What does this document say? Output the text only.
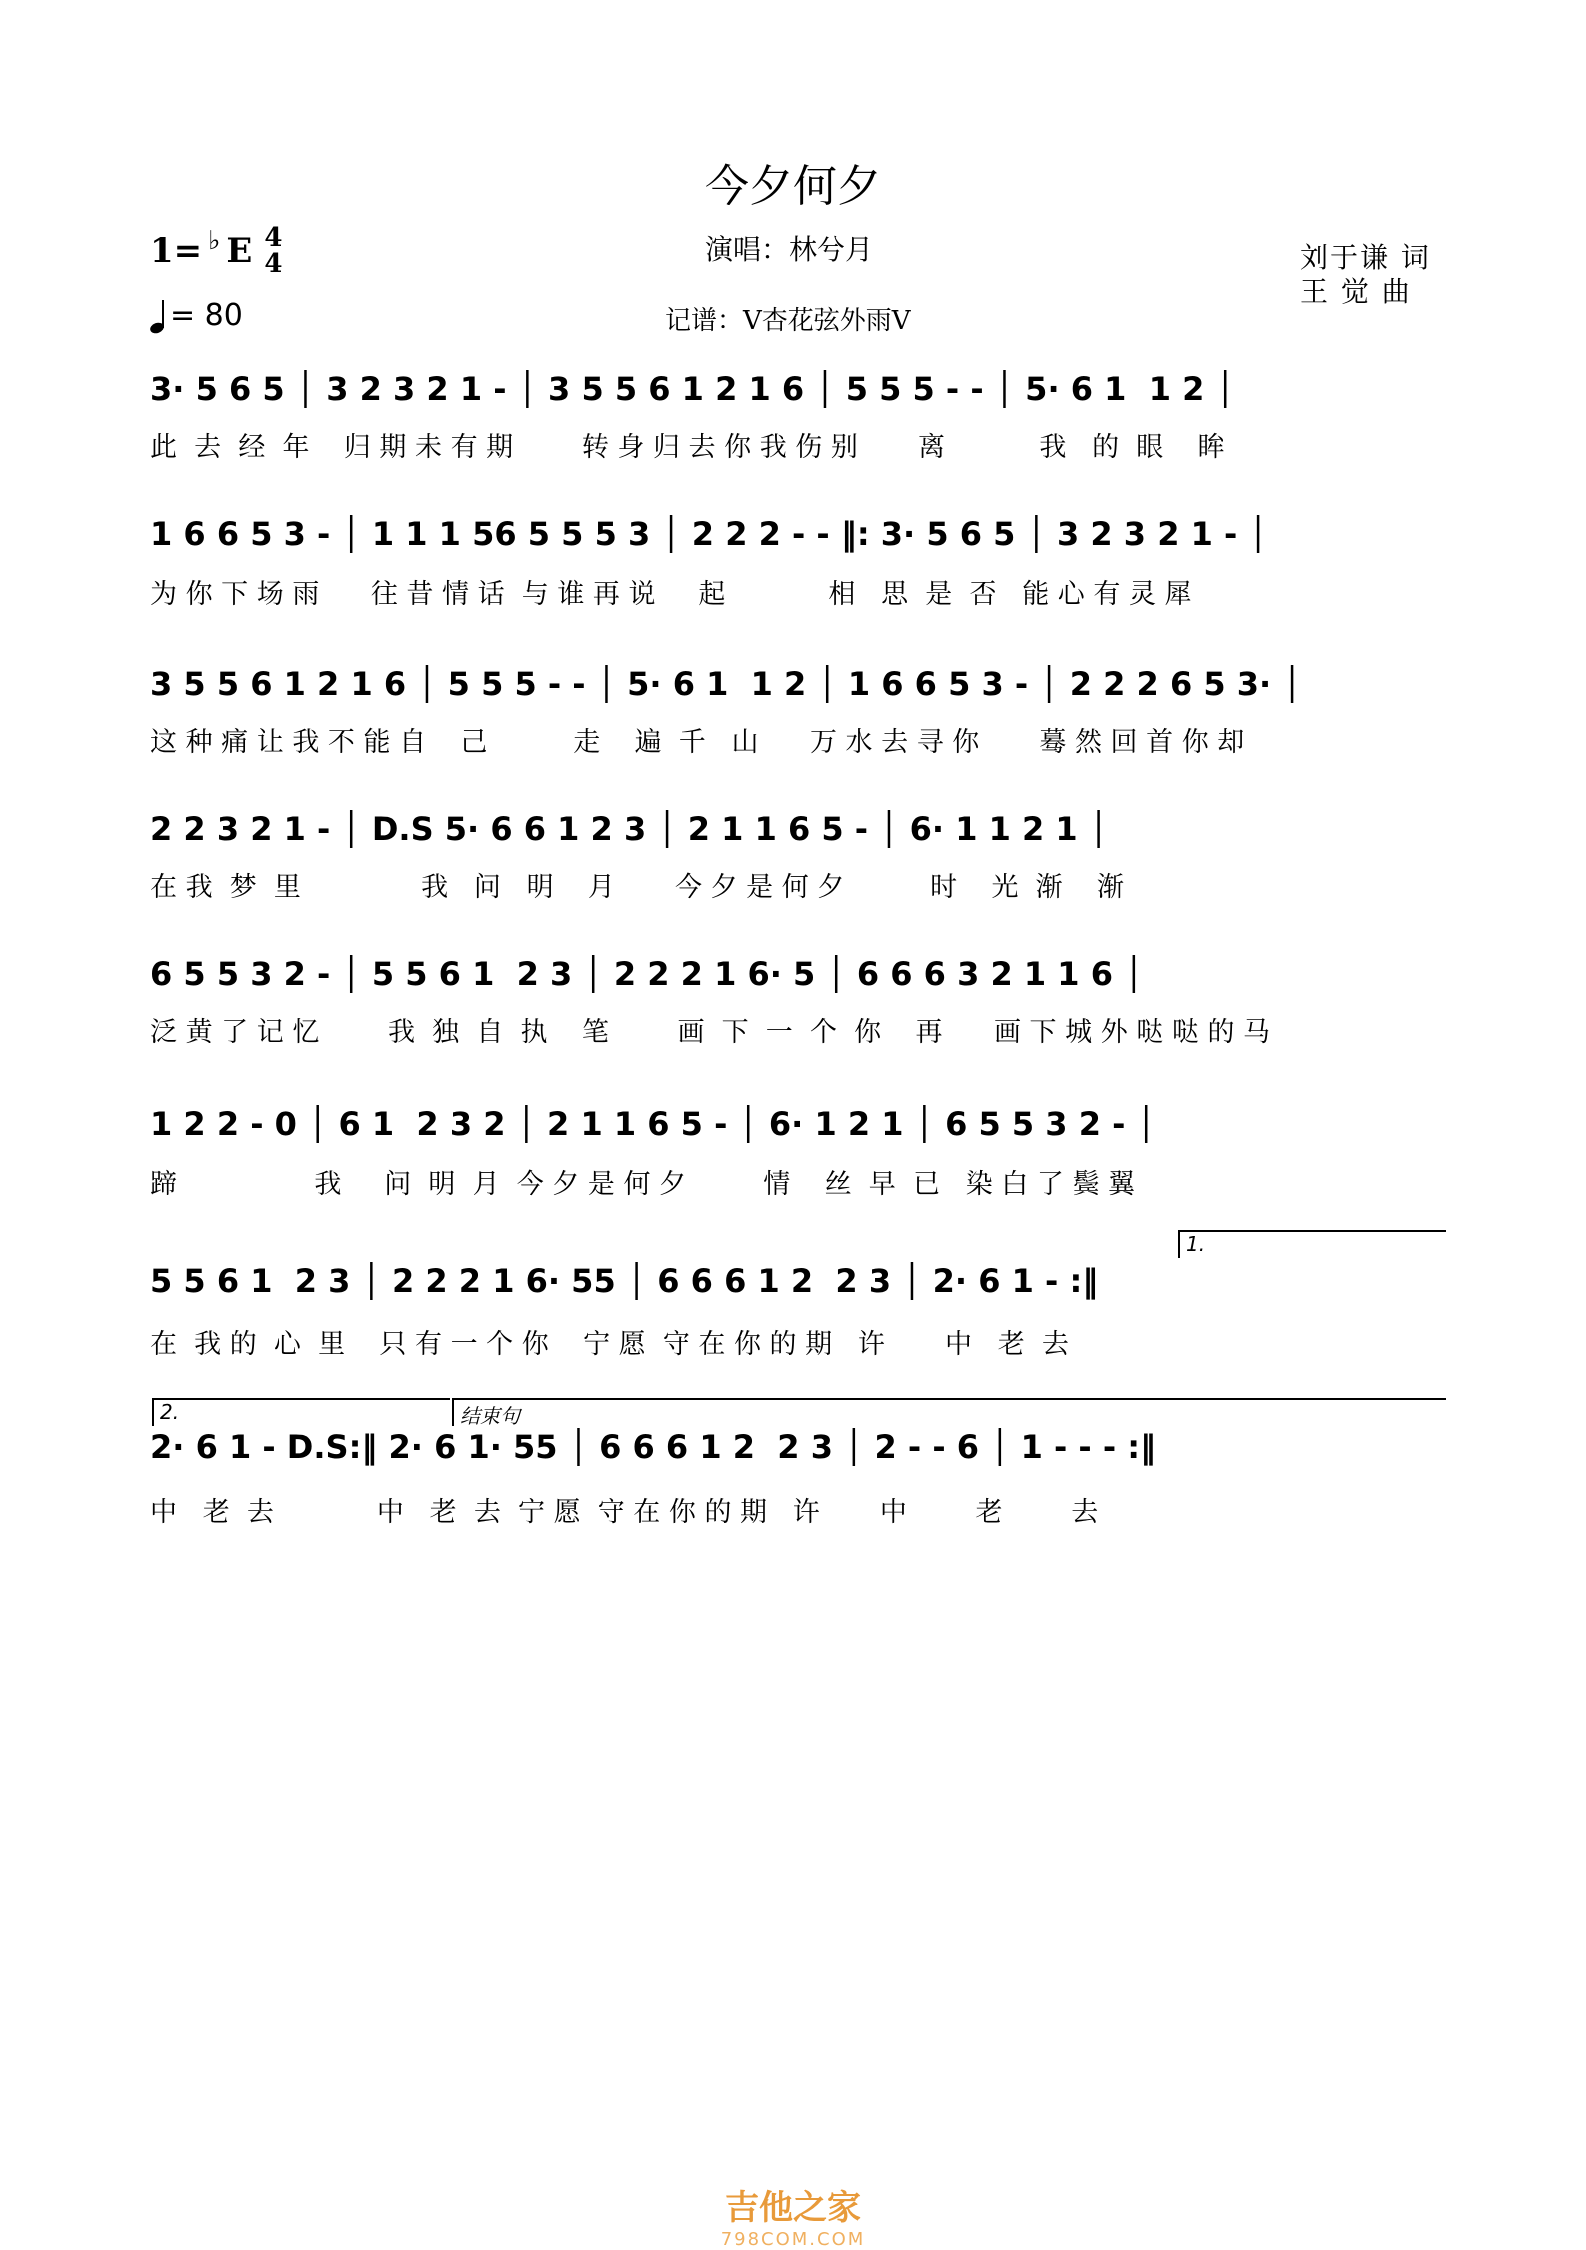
今夕何夕
1= ♭ E 4
4
= 80
演唱：林兮月
记谱：V杏花弦外雨V
刘于谦 词
王 觉 曲
3· 5 6 5 │ 3 2 3 2 1 - │ 3 5 5 6 1 2 1 6 │ 5 5 5 - - │ 5· 6 1  1 2 │
此  去  经  年    归 期 未 有 期        转 身 归 去 你 我 伤 别       离           我   的  眼    眸
1 6 6 5 3 - │ 1 1 1 56 5 5 5 3 │ 2 2 2 - - ‖: 3· 5 6 5 │ 3 2 3 2 1 - │
为 你 下 场 雨      往 昔 情 话  与 谁 再 说     起            相   思  是  否   能 心 有 灵 犀
3 5 5 6 1 2 1 6 │ 5 5 5 - - │ 5· 6 1  1 2 │ 1 6 6 5 3 - │ 2 2 2 6 5 3· │
这 种 痛 让 我 不 能 自    己          走    遍  千   山      万 水 去 寻 你       蓦 然 回 首 你 却
2 2 3 2 1 - │ D.S 5· 6 6 1 2 3 │ 2 1 1 6 5 - │ 6· 1 1 2 1 │
在 我  梦  里              我   问   明    月       今 夕 是 何 夕          时    光  渐    渐
6 5 5 3 2 - │ 5 5 6 1  2 3 │ 2 2 2 1 6· 5 │ 6 6 6 3 2 1 1 6 │
泛 黄 了 记 忆        我  独  自  执    笔        画  下  一  个  你    再      画 下 城 外 哒 哒 的 马
1 2 2 - 0 │ 6 1  2 3 2 │ 2 1 1 6 5 - │ 6· 1 2 1 │ 6 5 5 3 2 - │
蹄                我     问  明  月  今 夕 是 何 夕         情    丝  早  已   染 白 了 鬓 翼
1.
5 5 6 1  2 3 │ 2 2 2 1 6· 55 │ 6 6 6 1 2  2 3 │ 2· 6 1 - :‖
在  我 的  心  里    只 有 一 个 你    宁 愿  守 在 你 的 期   许       中   老  去
2.	结束句
2· 6 1 - D.S:‖ 2· 6 1· 55 │ 6 6 6 1 2  2 3 │ 2 - - 6 │ 1 - - - :‖
中   老  去            中   老  去  宁 愿  守 在 你 的 期   许       中        老        去
吉他之家
798COM.COM
